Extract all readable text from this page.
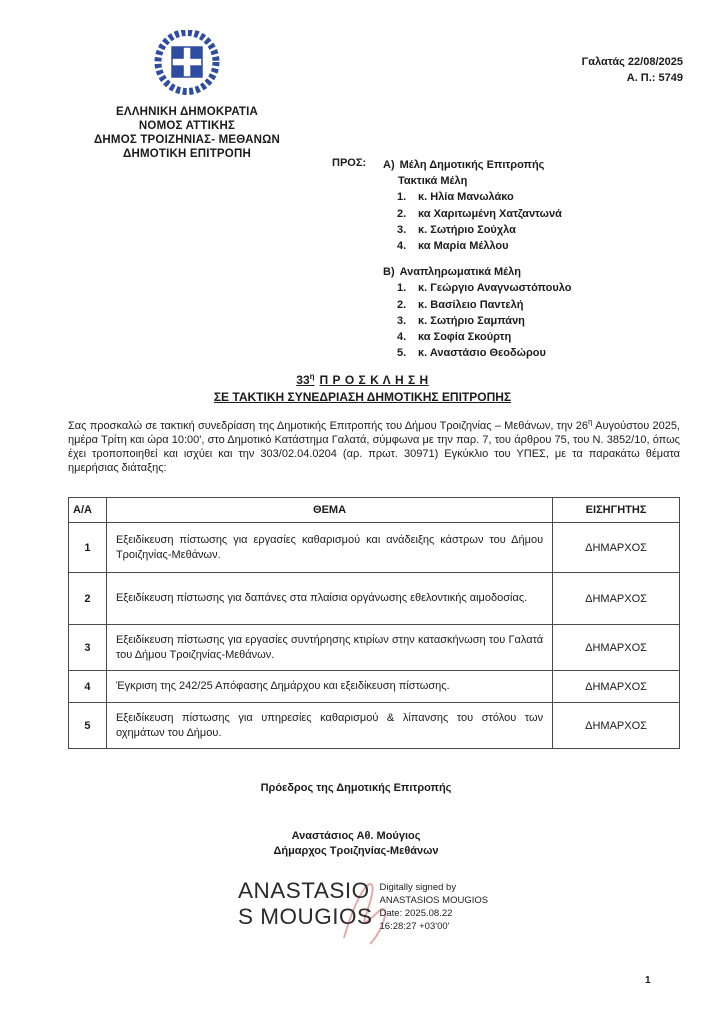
ΕΛΛΗΝΙΚΗ ΔΗΜΟΚΡΑΤΙΑ
ΝΟΜΟΣ ΑΤΤΙΚΗΣ
ΔΗΜΟΣ ΤΡΟΙΖΗΝΙΑΣ- ΜΕΘΑΝΩΝ
ΔΗΜΟΤΙΚΗ ΕΠΙΤΡΟΠΗ
Γαλατάς 22/08/2025
Α. Π.: 5749
ΠΡΟΣ: Α) Μέλη Δημοτικής Επιτροπής
Τακτικά Μέλη
1.	κ. Ηλία Μανωλάκο
2.	κα Χαριτωμένη Χατζαντωνά
3.	κ. Σωτήριο Σούχλα
4.	κα Μαρία Μέλλου
Β) Αναπληρωματικά Μέλη
1.	κ. Γεώργιο Αναγνωστόπουλο
2.	κ. Βασίλειο Παντελή
3.	κ. Σωτήριο Σαμπάνη
4.	κα Σοφία Σκούρτη
5.	κ. Αναστάσιο Θεοδώρου
$33^\eta$ Π Ρ Ο Σ Κ Λ Η Σ Η
ΣΕ ΤΑΚΤΙΚΗ ΣΥΝΕΔΡΙΑΣΗ ΔΗΜΟΤΙΚΗΣ ΕΠΙΤΡΟΠΗΣ

Σας προσκαλώ σε τακτική συνεδρίαση της Δημοτικής Επιτροπής του Δήμου Τροιζηνίας – Μεθάνων, την $26^\eta$ Αυγούστου 2025, ημέρα Τρίτη και ώρα 10:00', στο Δημοτικό Κατάστημα Γαλατά, σύμφωνα με την παρ. 7, του άρθρου 75, του Ν. 3852/10, όπως έχει τροποποιηθεί και ισχύει και την 303/02.04.0204 (αρ. πρωτ. 30971) Εγκύκλιο του ΥΠΕΣ, με τα παρακάτω θέματα ημερήσιας διάταξης:

Α/Α	ΘΕΜΑ	ΕΙΣΗΓΗΤΗΣ
1	Εξειδίκευση πίστωσης για εργασίες καθαρισμού και ανάδειξης κάστρων του Δήμου Τροιζηνίας-Μεθάνων.	ΔΗΜΑΡΧΟΣ
2	Εξειδίκευση πίστωσης για δαπάνες στα πλαίσια οργάνωσης εθελοντικής αιμοδοσίας.	ΔΗΜΑΡΧΟΣ
3	Εξειδίκευση πίστωσης για εργασίες συντήρησης κτιρίων στην κατασκήνωση του Γαλατά του Δήμου Τροιζηνίας-Μεθάνων.	ΔΗΜΑΡΧΟΣ
4	Έγκριση της 242/25 Απόφασης Δημάρχου και εξειδίκευση πίστωσης.	ΔΗΜΑΡΧΟΣ
5	Εξειδίκευση πίστωσης για υπηρεσίες καθαρισμού & λίπανσης του στόλου των οχημάτων του Δήμου.	ΔΗΜΑΡΧΟΣ
Πρόεδρος της Δημοτικής Επιτροπής
Αναστάσιος Αθ. Μούγιος
Δήμαρχος Τροιζηνίας-Μεθάνων
ANASTASIO
S MOUGIOS
Digitally signed by
ANASTASIOS MOUGIOS
Date: 2025.08.22
16:28:27 +03'00'
1
